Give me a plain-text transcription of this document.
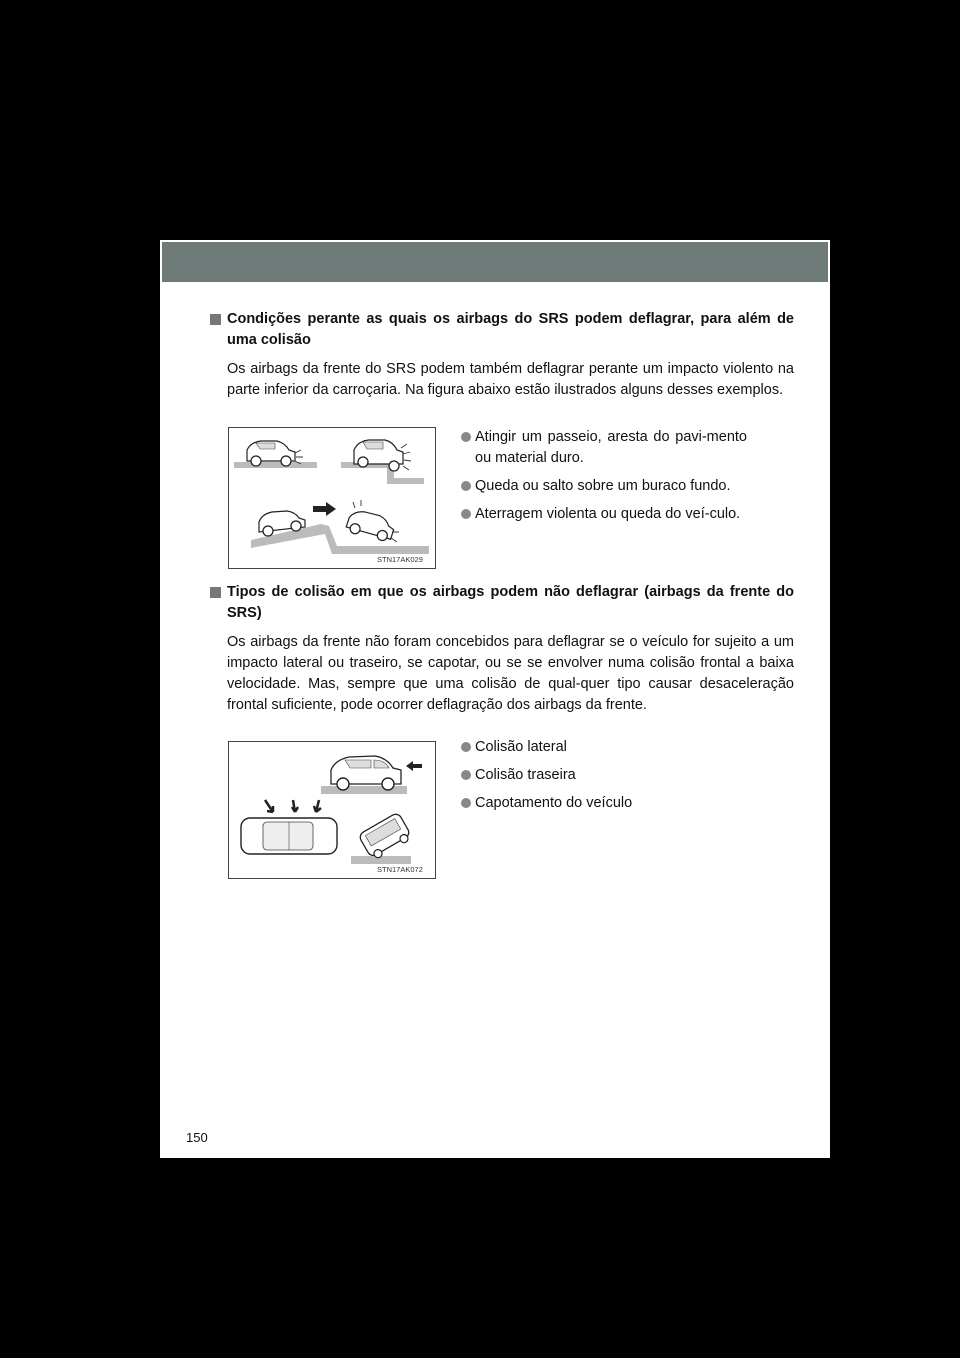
Condições perante as quais os airbags do SRS podem deflagrar, para além de uma colisão
Os airbags da frente do SRS podem também deflagrar perante um impacto violento na parte inferior da carroçaria. Na figura abaixo estão ilustrados alguns desses exemplos.
STN17AK029
Atingir um passeio, aresta do pavi-mento ou material duro.
Queda ou salto sobre um buraco fundo.
Aterragem violenta ou queda do veí-culo.
Tipos de colisão em que os airbags podem não deflagrar (airbags da frente do SRS)
Os airbags da frente não foram concebidos para deflagrar se o veículo for sujeito a um impacto lateral ou traseiro, se capotar, ou se se envolver numa colisão frontal a baixa velocidade. Mas, sempre que uma colisão de qual-quer tipo causar desaceleração frontal suficiente, pode ocorrer deflagração dos airbags da frente.
STN17AK072
Colisão lateral
Colisão traseira
Capotamento do veículo
150
